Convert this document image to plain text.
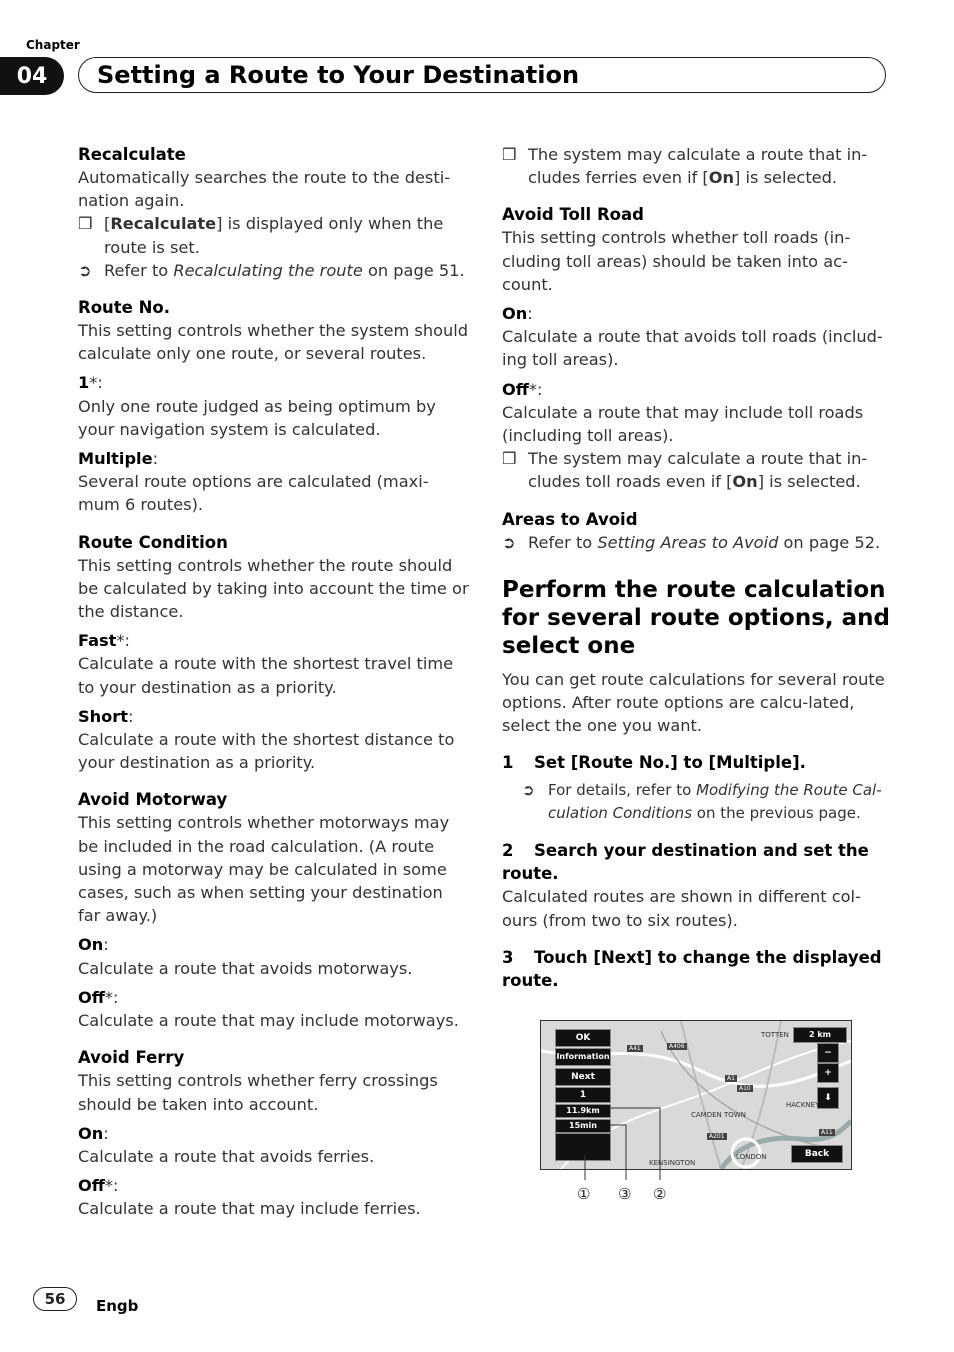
Chapter
04	Setting a Route to Your Destination
Recalculate

Automatically searches the route to the desti-nation again.

❒ [Recalculate] is displayed only when the route is set.
➲ Refer to Recalculating the route on page 51.
Route No.

This setting controls whether the system should calculate only one route, or several routes.

1*:

Only one route judged as being optimum by your navigation system is calculated.

Multiple:

Several route options are calculated (maxi-mum 6 routes).

Route Condition

This setting controls whether the route should be calculated by taking into account the time or the distance.

Fast*:

Calculate a route with the shortest travel time to your destination as a priority.

Short:

Calculate a route with the shortest distance to your destination as a priority.

Avoid Motorway

This setting controls whether motorways may be included in the road calculation. (A route using a motorway may be calculated in some cases, such as when setting your destination far away.)

On:

Calculate a route that avoids motorways.

Off*:

Calculate a route that may include motorways.

Avoid Ferry

This setting controls whether ferry crossings should be taken into account.

On:

Calculate a route that avoids ferries.

Off*:

Calculate a route that may include ferries.

❒ The system may calculate a route that in-cludes ferries even if [On] is selected.
Avoid Toll Road

This setting controls whether toll roads (in-cluding toll areas) should be taken into ac-count.

On:

Calculate a route that avoids toll roads (includ-ing toll areas).

Off*:

Calculate a route that may include toll roads (including toll areas).

❒ The system may calculate a route that in-cludes toll roads even if [On] is selected.
Areas to Avoid
➲ Refer to Setting Areas to Avoid on page 52.
Perform the route calculation for several route options, and select one

You can get route calculations for several route options. After route options are calcu-lated, select the one you want.

1 Set [Route No.] to [Multiple].
➲ For details, refer to Modifying the Route Cal-culation Conditions on the previous page.
2 Search your destination and set the route.

Calculated routes are shown in different col-ours (from two to six routes).

3 Touch [Next] to change the displayed route.
OK
Information
Next
1
11.9km
15min
2 km
−
+
⬇
Back
CAMDEN TOWN
HACKNEY
LONDON
KENSINGTON
TOTTEN
A41	A406
A1
A10
A11
A201
① ③ ②
56	Engb
